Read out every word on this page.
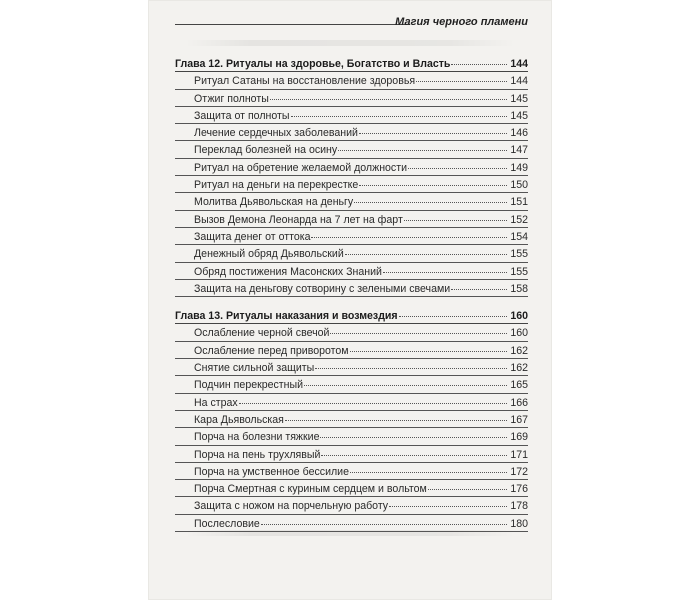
Магия черного пламени
Глава 12. Ритуалы на здоровье, Богатство и Власть	144
Ритуал Сатаны на восстановление здоровья	144
Отжиг полноты	145
Защита от полноты	145
Лечение сердечных заболеваний	146
Переклад болезней на осину	147
Ритуал на обретение желаемой должности	149
Ритуал на деньги на перекрестке	150
Молитва Дьявольская на деньгу	151
Вызов Демона Леонарда на 7 лет на фарт	152
Защита денег от оттока	154
Денежный обряд Дьявольский	155
Обряд постижения Масонских Знаний	155
Защита на деньгову сотворину с зелеными свечами	158
Глава 13. Ритуалы наказания и возмездия	160
Ослабление черной свечой	160
Ослабление перед приворотом	162
Снятие сильной защиты	162
Подчин перекрестный	165
На страх	166
Кара Дьявольская	167
Порча на болезни тяжкие	169
Порча на пень трухлявый	171
Порча на умственное бессилие	172
Порча Смертная с куриным сердцем и вольтом	176
Защита с ножом на порчельную работу	178
Послесловие	180
